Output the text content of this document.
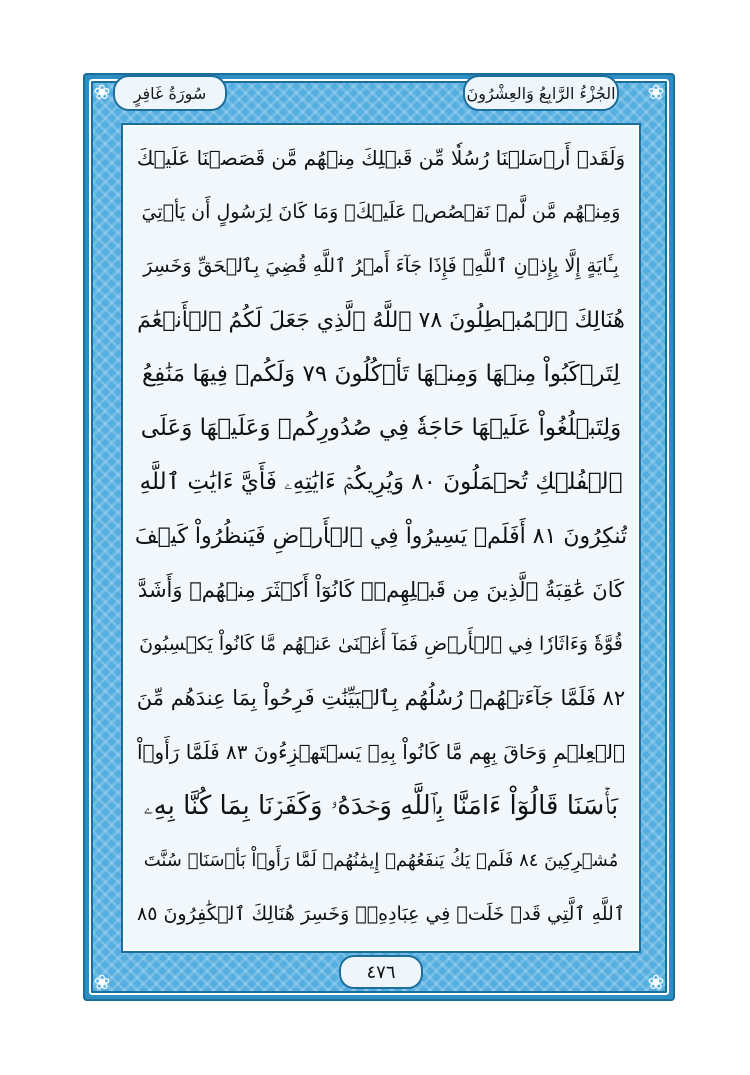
❀	❀
❀	❀
الجُزْءُ الرَّابِعُ وَالعِشْرُونَ
سُورَةُ غَافِرٍ
وَلَقَدۡ أَرۡسَلۡنَا رُسُلٗا مِّن قَبۡلِكَ مِنۡهُم مَّن قَصَصۡنَا عَلَيۡكَ
وَمِنۡهُم مَّن لَّمۡ نَقۡصُصۡ عَلَيۡكَۗ وَمَا كَانَ لِرَسُولٍ أَن يَأۡتِيَ
بِـَٔايَةٍ إِلَّا بِإِذۡنِ ٱللَّهِۚ فَإِذَا جَآءَ أَمۡرُ ٱللَّهِ قُضِيَ بِٱلۡحَقِّ وَخَسِرَ
هُنَالِكَ ٱلۡمُبۡطِلُونَ ٧٨ ٱللَّهُ ٱلَّذِي جَعَلَ لَكُمُ ٱلۡأَنۡعَٰمَ
لِتَرۡكَبُواْ مِنۡهَا وَمِنۡهَا تَأۡكُلُونَ ٧٩ وَلَكُمۡ فِيهَا مَنَٰفِعُ
وَلِتَبۡلُغُواْ عَلَيۡهَا حَاجَةٗ فِي صُدُورِكُمۡ وَعَلَيۡهَا وَعَلَى
ٱلۡفُلۡكِ تُحۡمَلُونَ ٨٠ وَيُرِيكُمۡ ءَايَٰتِهِۦ فَأَيَّ ءَايَٰتِ ٱللَّهِ
تُنكِرُونَ ٨١ أَفَلَمۡ يَسِيرُواْ فِي ٱلۡأَرۡضِ فَيَنظُرُواْ كَيۡفَ
كَانَ عَٰقِبَةُ ٱلَّذِينَ مِن قَبۡلِهِمۡۚ كَانُوٓاْ أَكۡثَرَ مِنۡهُمۡ وَأَشَدَّ
قُوَّةٗ وَءَاثَارٗا فِي ٱلۡأَرۡضِ فَمَآ أَغۡنَىٰ عَنۡهُم مَّا كَانُواْ يَكۡسِبُونَ
٨٢ فَلَمَّا جَآءَتۡهُمۡ رُسُلُهُم بِٱلۡبَيِّنَٰتِ فَرِحُواْ بِمَا عِندَهُم مِّنَ
ٱلۡعِلۡمِ وَحَاقَ بِهِم مَّا كَانُواْ بِهِۦ يَسۡتَهۡزِءُونَ ٨٣ فَلَمَّا رَأَوۡاْ
بَأۡسَنَا قَالُوٓاْ ءَامَنَّا بِٱللَّهِ وَحۡدَهُۥ وَكَفَرۡنَا بِمَا كُنَّا بِهِۦ
مُشۡرِكِينَ ٨٤ فَلَمۡ يَكُ يَنفَعُهُمۡ إِيمَٰنُهُمۡ لَمَّا رَأَوۡاْ بَأۡسَنَاۖ سُنَّتَ
ٱللَّهِ ٱلَّتِي قَدۡ خَلَتۡ فِي عِبَادِهِۦۖ وَخَسِرَ هُنَالِكَ ٱلۡكَٰفِرُونَ ٨٥
٤٧٦
